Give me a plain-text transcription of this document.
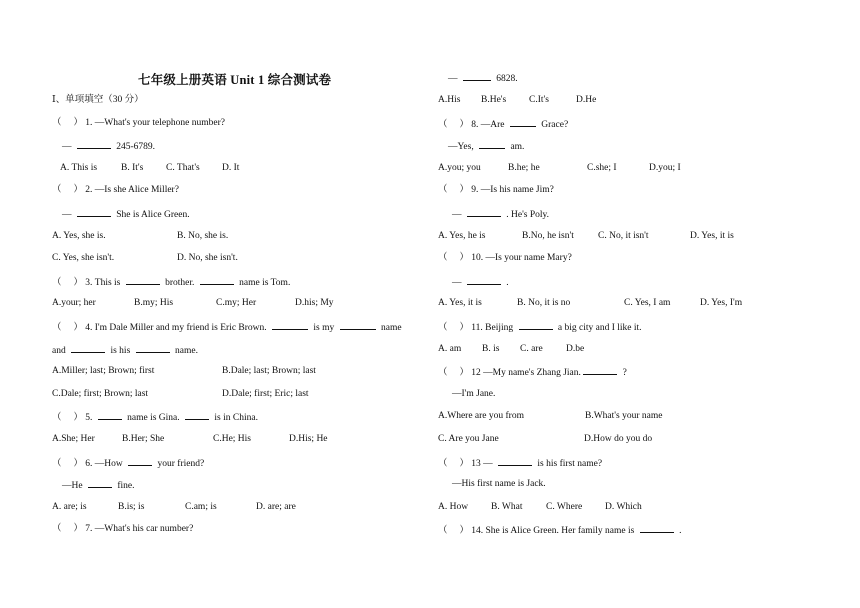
七年级上册英语 Unit 1 综合测试卷
Ⅰ、单项填空（30 分）
（　 ） 1. —What's your telephone number?
—	245-6789.
A. This is	B. It's C. That's D. It
（　 ） 2. —Is she Alice Miller?
—	She is Alice Green.
A. Yes, she is.	B. No, she is.
C. Yes, she isn't.	D. No, she isn't.
（　 ） 3. This is	brother.	name is Tom.
A.your; her	B.my; His	C.my; Her	D.his; My
（　 ） 4. I'm Dale Miller and my friend is Eric Brown.	is my	name
and	is his	name.
A.Miller; last; Brown; first	B.Dale; last; Brown; last
C.Dale; first; Brown; last	D.Dale; first; Eric; last
（　 ） 5.	name is Gina.	is in China.
A.She; Her	B.Her; She	C.He; His	D.His; He
（　 ） 6. —How	your friend?
—He	fine.
A. are; is	B.is; is	C.am; is	D. are; are
（　 ） 7. —What's his car number?
—	6828.
A.His B.He's C.It's	D.He
（　 ） 8. —Are	Grace?
—Yes,	am.
A.you; you	B.he; he	C.she; I	D.you; I
（　 ） 9. —Is his name Jim?
—	. He's Poly.
A. Yes, he is	B.No, he isn't	C. No, it isn't	D. Yes, it is
（　 ） 10. —Is your name Mary?
—	.
A. Yes, it is	B. No, it is no	C. Yes, I am	D. Yes, I'm
（　 ） 11. Beijing	a big city and I like it.
A. am B. is C. are D.be
（　 ） 12 —My name's Zhang Jian.	?
—I'm Jane.
A.Where are you from	B.What's your name
C. Are you Jane	D.How do you do
（　 ） 13 —	is his first name?
—His first name is Jack.
A. How B. What C. Where D. Which
（　 ） 14. She is Alice Green. Her family name is	.
